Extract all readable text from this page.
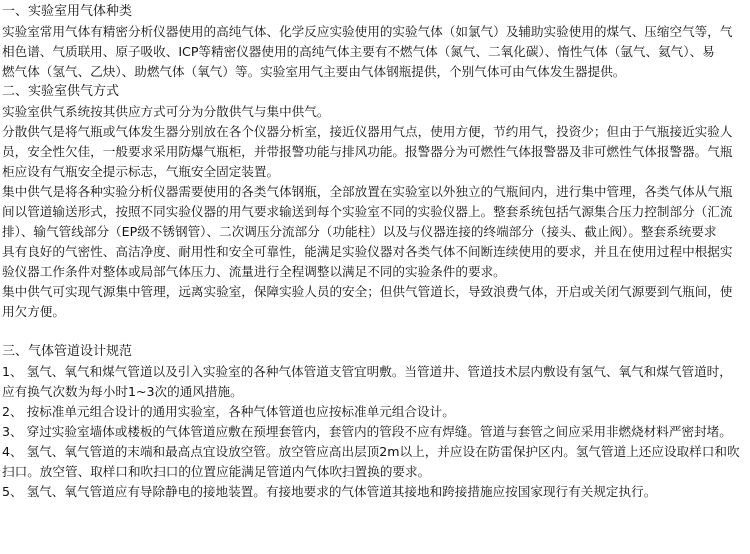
一、实验室用气体种类
实验室常用气体有精密分析仪器使用的高纯气体、化学反应实验使用的实验气体（如氯气）及辅助实验使用的煤气、压缩空气等，气
相色谱、气质联用、原子吸收、ICP等精密仪器使用的高纯气体主要有不燃气体（氮气、二氧化碳）、惰性气体（氩气、氦气）、易
燃气体（氢气、乙炔）、助燃气体（氧气）等。实验室用气主要由气体钢瓶提供，个别气体可由气体发生器提供。
二、实验室供气方式
实验室供气系统按其供应方式可分为分散供气与集中供气。
分散供气是将气瓶或气体发生器分别放在各个仪器分析室，接近仪器用气点，使用方便，节约用气，投资少；但由于气瓶接近实验人
员，安全性欠佳，一般要求采用防爆气瓶柜，并带报警功能与排风功能。报警器分为可燃性气体报警器及非可燃性气体报警器。气瓶
柜应设有气瓶安全提示标志，气瓶安全固定装置。
集中供气是将各种实验分析仪器需要使用的各类气体钢瓶，全部放置在实验室以外独立的气瓶间内，进行集中管理，各类气体从气瓶
间以管道输送形式，按照不同实验仪器的用气要求输送到每个实验室不同的实验仪器上。整套系统包括气源集合压力控制部分（汇流
排）、输气管线部分（EP级不锈钢管）、二次调压分流部分（功能柱）以及与仪器连接的终端部分（接头、截止阀）。整套系统要求
具有良好的气密性、高洁净度、耐用性和安全可靠性，能满足实验仪器对各类气体不间断连续使用的要求，并且在使用过程中根据实
验仪器工作条件对整体或局部气体压力、流量进行全程调整以满足不同的实验条件的要求。
集中供气可实现气源集中管理，远离实验室，保障实验人员的安全；但供气管道长，导致浪费气体，开启或关闭气源要到气瓶间，使
用欠方便。
三、气体管道设计规范
1、 氢气、氧气和煤气管道以及引入实验室的各种气体管道支管宜明敷。当管道井、管道技术层内敷设有氢气、氧气和煤气管道时，
应有换气次数为每小时1~3次的通风措施。
2、 按标准单元组合设计的通用实验室，各种气体管道也应按标准单元组合设计。
3、 穿过实验室墙体或楼板的气体管道应敷在预埋套管内，套管内的管段不应有焊缝。管道与套管之间应采用非燃烧材料严密封堵。
4、 氢气、氧气管道的末端和最高点宜设放空管。放空管应高出层顶2m以上，并应设在防雷保护区内。氢气管道上还应设取样口和吹
扫口。放空管、取样口和吹扫口的位置应能满足管道内气体吹扫置换的要求。
5、 氢气、氧气管道应有导除静电的接地装置。有接地要求的气体管道其接地和跨接措施应按国家现行有关规定执行。
